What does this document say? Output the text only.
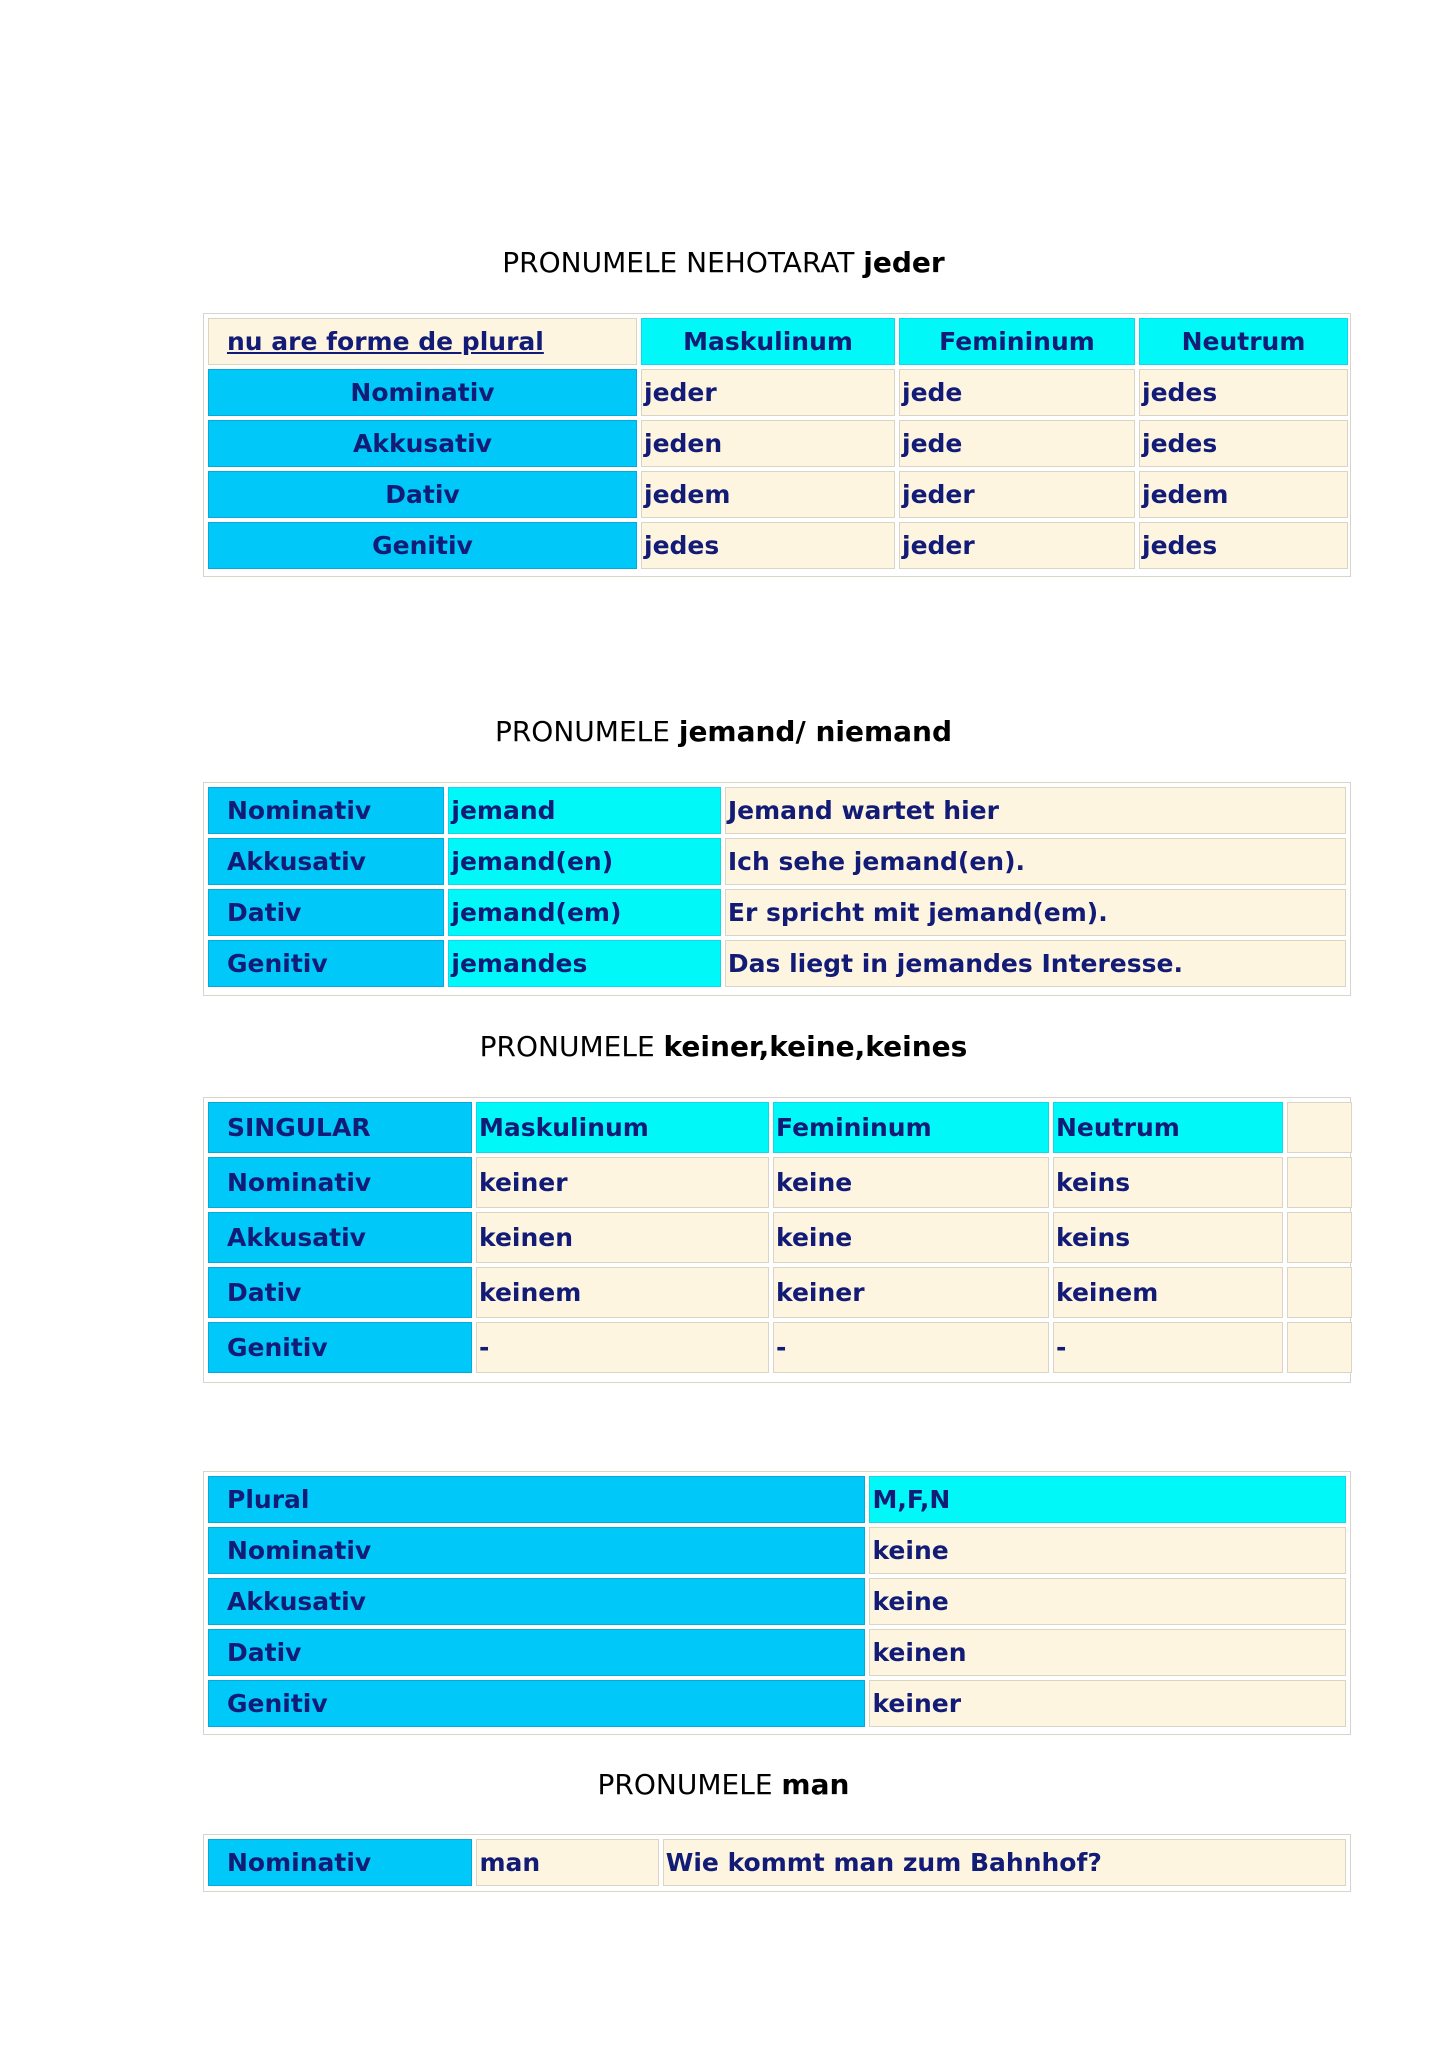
PRONUMELE NEHOTARAT jeder
nu are forme de plural	Maskulinum	Femininum	Neutrum
Nominativ	jeder	jede	jedes
Akkusativ	jeden	jede	jedes
Dativ	jedem	jeder	jedem
Genitiv	jedes	jeder	jedes
PRONUMELE jemand/ niemand
Nominativ	jemand	Jemand wartet hier
Akkusativ	jemand(en)	Ich sehe jemand(en).
Dativ	jemand(em)	Er spricht mit jemand(em).
Genitiv	jemandes	Das liegt in jemandes Interesse.
PRONUMELE keiner,keine,keines
SINGULAR	Maskulinum	Femininum	Neutrum	
Nominativ	keiner	keine	keins	
Akkusativ	keinen	keine	keins	
Dativ	keinem	keiner	keinem	
Genitiv	-	-	-	
Plural	M,F,N
Nominativ	keine
Akkusativ	keine
Dativ	keinen
Genitiv	keiner
PRONUMELE man
Nominativ	man	Wie kommt man zum Bahnhof?
